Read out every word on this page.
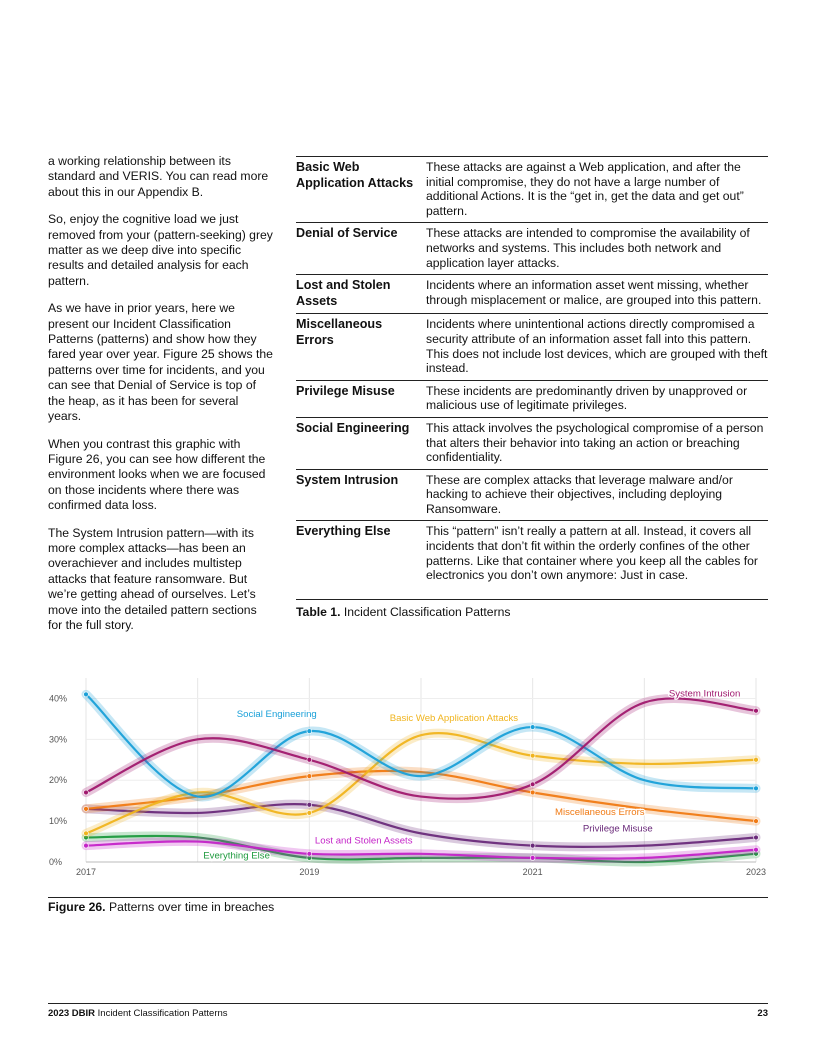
a working relationship between its standard and VERIS. You can read more about this in our Appendix B.

So, enjoy the cognitive load we just removed from your (pattern-seeking) grey matter as we deep dive into specific results and detailed analysis for each pattern.

As we have in prior years, here we present our Incident Classification Patterns (patterns) and show how they fared year over year. Figure 25 shows the patterns over time for incidents, and you can see that Denial of Service is top of the heap, as it has been for several years.

When you contrast this graphic with Figure 26, you can see how different the environment looks when we are focused on those incidents where there was confirmed data loss.

The System Intrusion pattern—with its more complex attacks—has been an overachiever and includes multistep attacks that feature ransomware. But we’re getting ahead of ourselves. Let’s move into the detailed pattern sections for the full story.

Basic Web Application Attacks	These attacks are against a Web application, and after the initial compromise, they do not have a large number of additional Actions. It is the “get in, get the data and get out” pattern.
Denial of Service	These attacks are intended to compromise the availability of networks and systems. This includes both network and application layer attacks.
Lost and Stolen Assets	Incidents where an information asset went missing, whether through misplacement or malice, are grouped into this pattern.
Miscellaneous Errors	Incidents where unintentional actions directly compromised a security attribute of an information asset fall into this pattern. This does not include lost devices, which are grouped with theft instead.
Privilege Misuse	These incidents are predominantly driven by unapproved or malicious use of legitimate privileges.
Social Engineering	This attack involves the psychological compromise of a person that alters their behavior into taking an action or breaching confidentiality.
System Intrusion	These are complex attacks that leverage malware and/or hacking to achieve their objectives, including deploying Ransomware.
Everything Else	This “pattern” isn’t really a pattern at all. Instead, it covers all incidents that don’t fit within the orderly confines of the other patterns. Like that container where you keep all the cables for electronics you don’t own anymore: Just in case.
Table 1. Incident Classification Patterns
0%
10%
20%
30%
40%
2017	2019	2021	2023
System Intrusion
Social Engineering	Basic Web Application Attacks
Miscellaneous Errors
Privilege Misuse
Lost and Stolen Assets
Everything Else
Figure 26. Patterns over time in breaches
2023 DBIR Incident Classification Patterns	23
